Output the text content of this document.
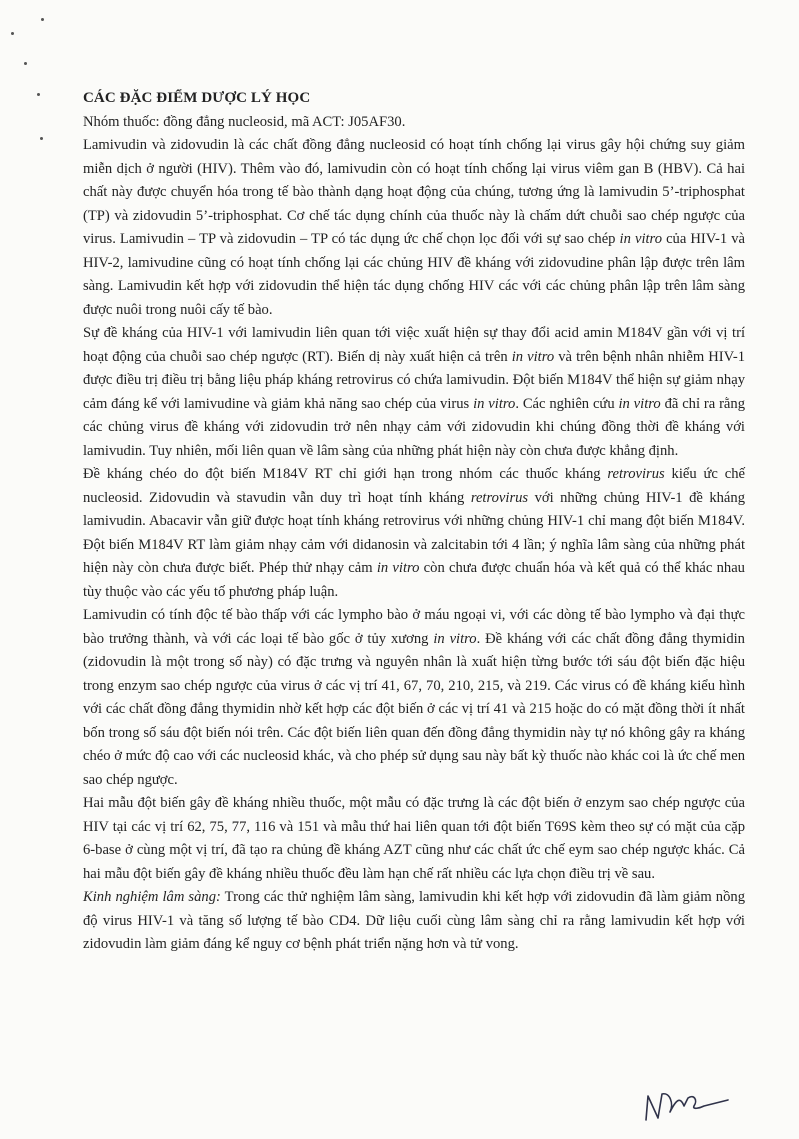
CÁC ĐẶC ĐIỂM DƯỢC LÝ HỌC

Nhóm thuốc: đồng đẳng nucleosid, mã ACT: J05AF30.

Lamivudin và zidovudin là các chất đồng đẳng nucleosid có hoạt tính chống lại virus gây hội chứng suy giảm miễn dịch ở người (HIV). Thêm vào đó, lamivudin còn có hoạt tính chống lại virus viêm gan B (HBV). Cả hai chất này được chuyển hóa trong tế bào thành dạng hoạt động của chúng, tương ứng là lamivudin 5’-triphosphat (TP) và zidovudin 5’-triphosphat. Cơ chế tác dụng chính của thuốc này là chấm dứt chuỗi sao chép ngược của virus. Lamivudin – TP và zidovudin – TP có tác dụng ức chế chọn lọc đối với sự sao chép in vitro của HIV-1 và HIV-2, lamivudine cũng có hoạt tính chống lại các chủng HIV đề kháng với zidovudine phân lập được trên lâm sàng. Lamivudin kết hợp với zidovudin thể hiện tác dụng chống HIV các với các chủng phân lập trên lâm sàng được nuôi trong nuôi cấy tế bào.

Sự đề kháng của HIV-1 với lamivudin liên quan tới việc xuất hiện sự thay đổi acid amin M184V gần với vị trí hoạt động của chuỗi sao chép ngược (RT). Biến dị này xuất hiện cả trên in vitro và trên bệnh nhân nhiễm HIV-1 được điều trị điều trị bằng liệu pháp kháng retrovirus có chứa lamivudin. Đột biến M184V thể hiện sự giảm nhạy cảm đáng kể với lamivudine và giảm khả năng sao chép của virus in vitro. Các nghiên cứu in vitro đã chỉ ra rằng các chủng virus đề kháng với zidovudin trở nên nhạy cảm với zidovudin khi chúng đồng thời đề kháng với lamivudin. Tuy nhiên, mối liên quan về lâm sàng của những phát hiện này còn chưa được khẳng định.

Đề kháng chéo do đột biến M184V RT chỉ giới hạn trong nhóm các thuốc kháng retrovirus kiểu ức chế nucleosid. Zidovudin và stavudin vẫn duy trì hoạt tính kháng retrovirus với những chủng HIV-1 đề kháng lamivudin. Abacavir vẫn giữ được hoạt tính kháng retrovirus với những chủng HIV-1 chỉ mang đột biến M184V. Đột biến M184V RT làm giảm nhạy cảm với didanosin và zalcitabin tới 4 lần; ý nghĩa lâm sàng của những phát hiện này còn chưa được biết. Phép thử nhạy cảm in vitro còn chưa được chuẩn hóa và kết quả có thể khác nhau tùy thuộc vào các yếu tố phương pháp luận.

Lamivudin có tính độc tế bào thấp với các lympho bào ở máu ngoại vi, với các dòng tế bào lympho và đại thực bào trưởng thành, và với các loại tế bào gốc ở tủy xương in vitro. Đề kháng với các chất đồng đẳng thymidin (zidovudin là một trong số này) có đặc trưng và nguyên nhân là xuất hiện từng bước tới sáu đột biến đặc hiệu trong enzym sao chép ngược của virus ở các vị trí 41, 67, 70, 210, 215, và 219. Các virus có đề kháng kiểu hình với các chất đồng đẳng thymidin nhờ kết hợp các đột biến ở các vị trí 41 và 215 hoặc do có mặt đồng thời ít nhất bốn trong số sáu đột biến nói trên. Các đột biến liên quan đến đồng đẳng thymidin này tự nó không gây ra kháng chéo ở mức độ cao với các nucleosid khác, và cho phép sử dụng sau này bất kỳ thuốc nào khác coi là ức chế men sao chép ngược.

Hai mẫu đột biến gây đề kháng nhiều thuốc, một mẫu có đặc trưng là các đột biến ở enzym sao chép ngược của HIV tại các vị trí 62, 75, 77, 116 và 151 và mẫu thứ hai liên quan tới đột biến T69S kèm theo sự có mặt của cặp 6-base ở cùng một vị trí, đã tạo ra chủng đề kháng AZT cũng như các chất ức chế eym sao chép ngược khác. Cả hai mẫu đột biến gây đề kháng nhiều thuốc đều làm hạn chế rất nhiều các lựa chọn điều trị về sau.

Kinh nghiệm lâm sàng: Trong các thử nghiệm lâm sàng, lamivudin khi kết hợp với zidovudin đã làm giảm nồng độ virus HIV-1 và tăng số lượng tế bào CD4. Dữ liệu cuối cùng lâm sàng chỉ ra rằng lamivudin kết hợp với zidovudin làm giảm đáng kể nguy cơ bệnh phát triển nặng hơn và tử vong.
